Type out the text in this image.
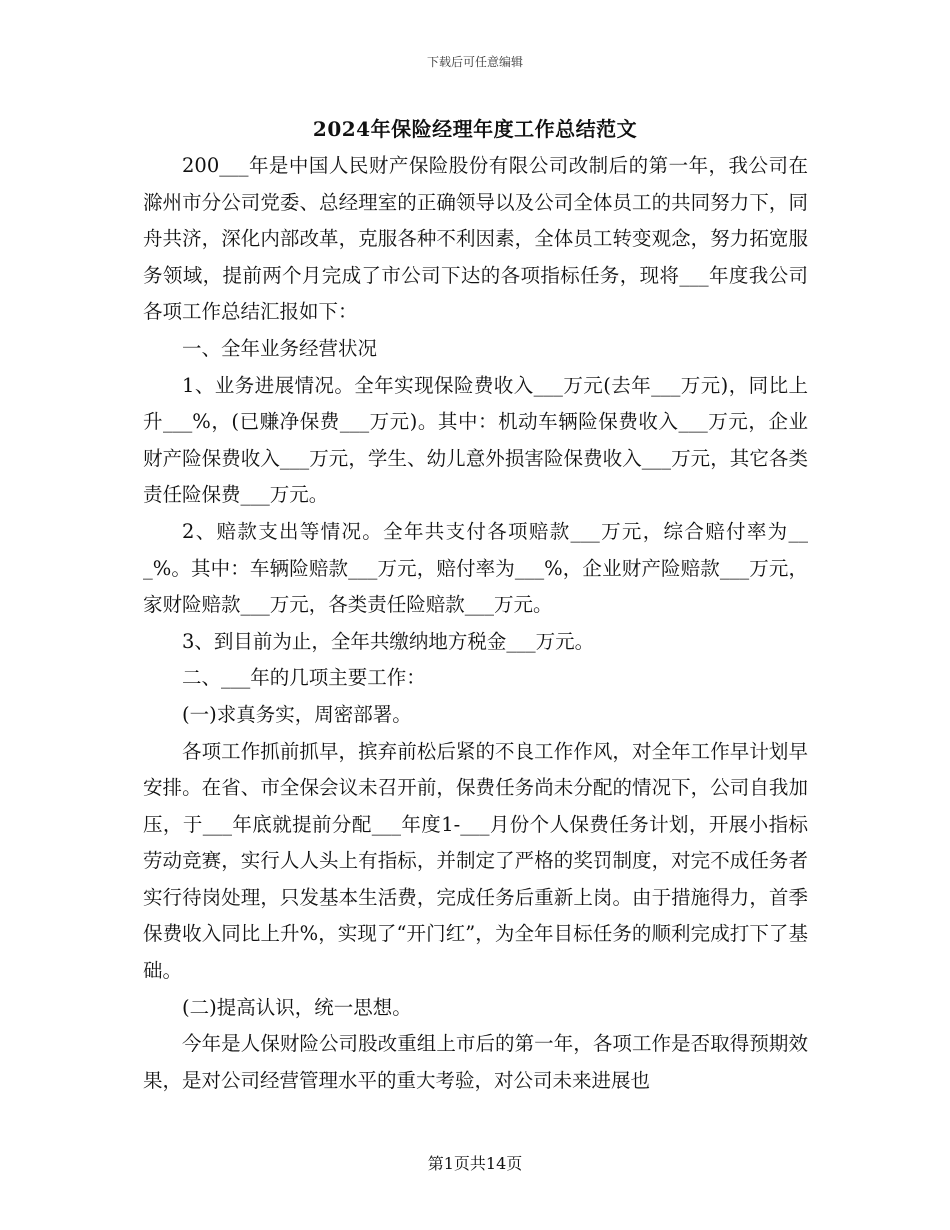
下载后可任意编辑
2024年保险经理年度工作总结范文

200___年是中国人民财产保险股份有限公司改制后的第一年，我公司在滁州市分公司党委、总经理室的正确领导以及公司全体员工的共同努力下，同舟共济，深化内部改革，克服各种不利因素，全体员工转变观念，努力拓宽服务领域，提前两个月完成了市公司下达的各项指标任务，现将___年度我公司各项工作总结汇报如下：

一、全年业务经营状况

1、业务进展情况。全年实现保险费收入___万元(去年___万元)，同比上升___%，(已赚净保费___万元)。其中：机动车辆险保费收入___万元，企业财产险保费收入___万元，学生、幼儿意外损害险保费收入___万元，其它各类责任险保费___万元。

2、赔款支出等情况。全年共支付各项赔款___万元，综合赔付率为___%。其中：车辆险赔款___万元，赔付率为___%，企业财产险赔款___万元，家财险赔款___万元，各类责任险赔款___万元。

3、到目前为止，全年共缴纳地方税金___万元。

二、___年的几项主要工作：

(一)求真务实，周密部署。

各项工作抓前抓早，摈弃前松后紧的不良工作作风，对全年工作早计划早安排。在省、市全保会议未召开前，保费任务尚未分配的情况下，公司自我加压，于___年底就提前分配___年度1-___月份个人保费任务计划，开展小指标劳动竞赛，实行人人头上有指标，并制定了严格的奖罚制度，对完不成任务者实行待岗处理，只发基本生活费，完成任务后重新上岗。由于措施得力，首季保费收入同比上升%，实现了“开门红”，为全年目标任务的顺利完成打下了基础。

(二)提高认识，统一思想。

今年是人保财险公司股改重组上市后的第一年，各项工作是否取得预期效果，是对公司经营管理水平的重大考验，对公司未来进展也

第1页共14页
